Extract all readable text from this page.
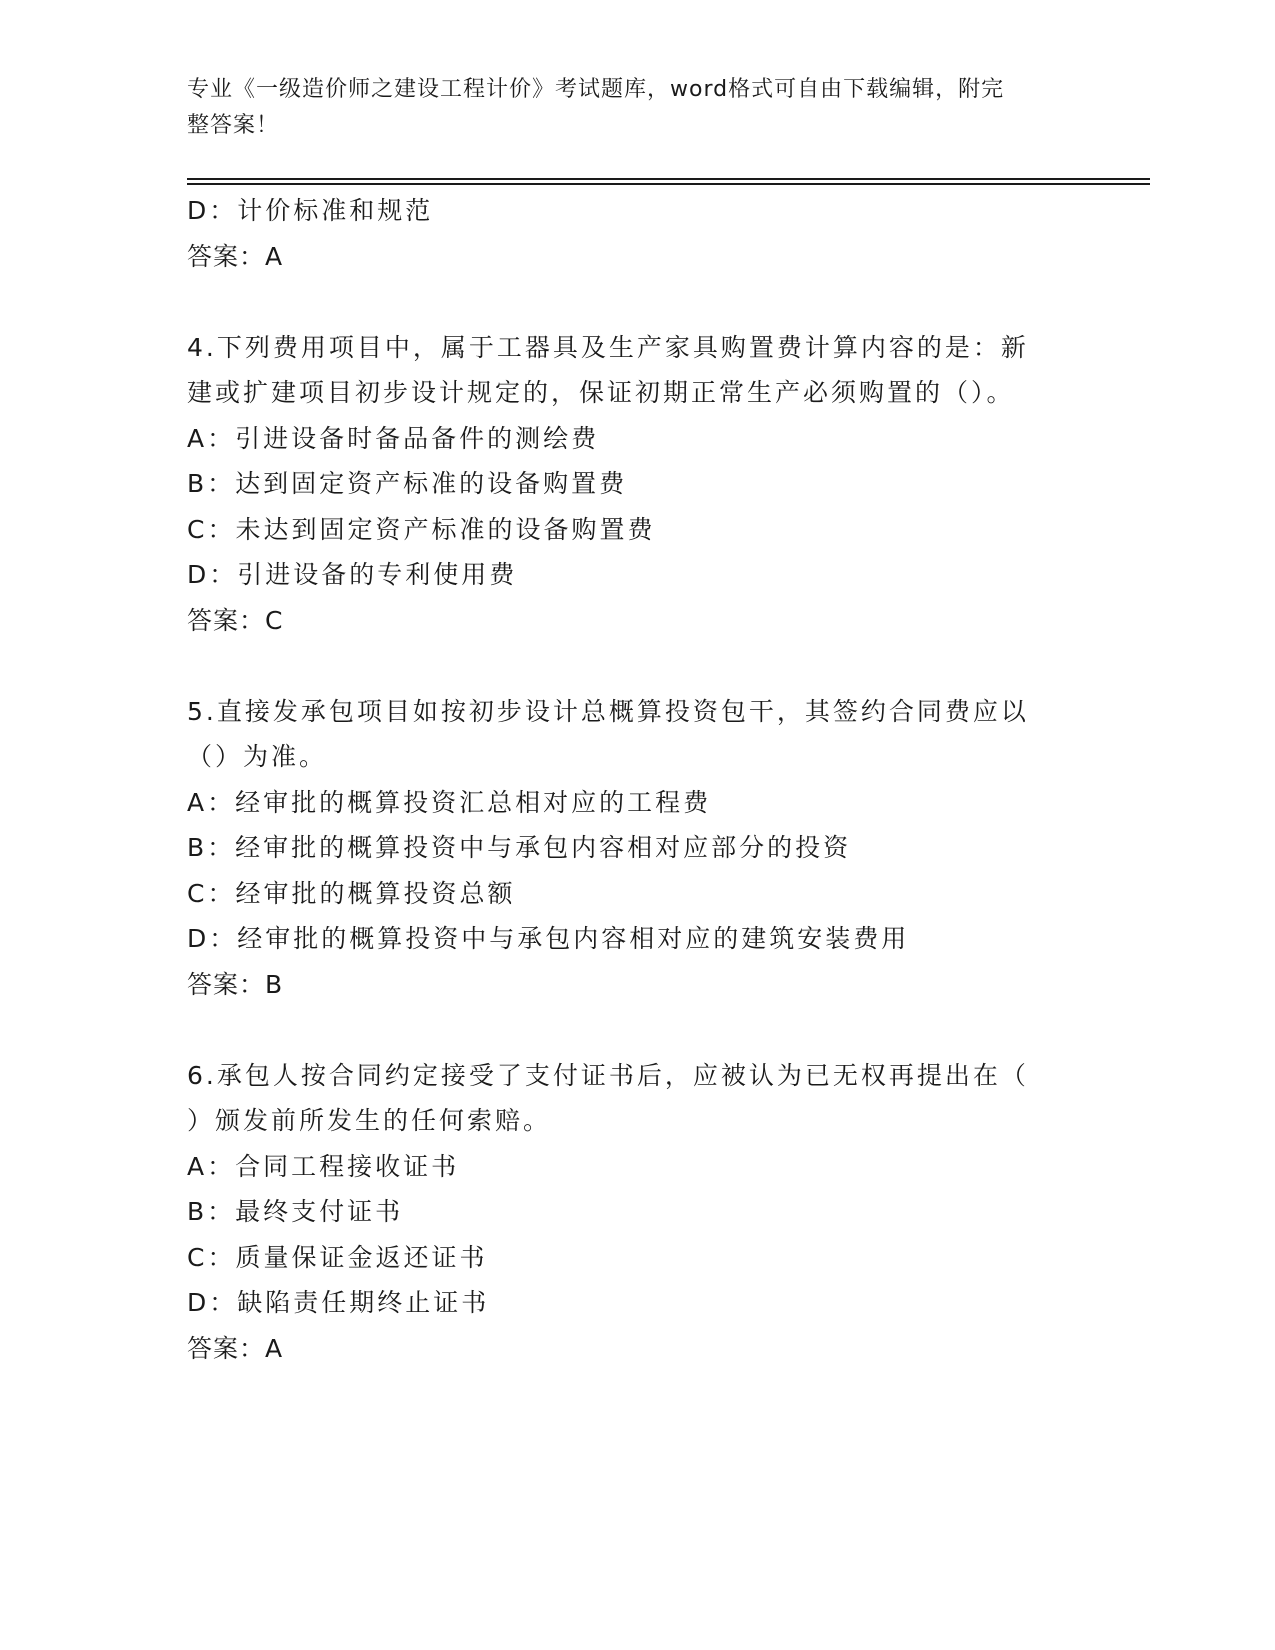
专业《一级造价师之建设工程计价》考试题库，word格式可自由下载编辑，附完
整答案！
D：计价标准和规范
答案：A
4.下列费用项目中，属于工器具及生产家具购置费计算内容的是：新
建或扩建项目初步设计规定的，保证初期正常生产必须购置的（）。
A：引进设备时备品备件的测绘费
B：达到固定资产标准的设备购置费
C：未达到固定资产标准的设备购置费
D：引进设备的专利使用费
答案：C
5.直接发承包项目如按初步设计总概算投资包干，其签约合同费应以
（）为准。
A：经审批的概算投资汇总相对应的工程费
B：经审批的概算投资中与承包内容相对应部分的投资
C：经审批的概算投资总额
D：经审批的概算投资中与承包内容相对应的建筑安装费用
答案：B
6.承包人按合同约定接受了支付证书后，应被认为已无权再提出在（
）颁发前所发生的任何索赔。
A：合同工程接收证书
B：最终支付证书
C：质量保证金返还证书
D：缺陷责任期终止证书
答案：A
